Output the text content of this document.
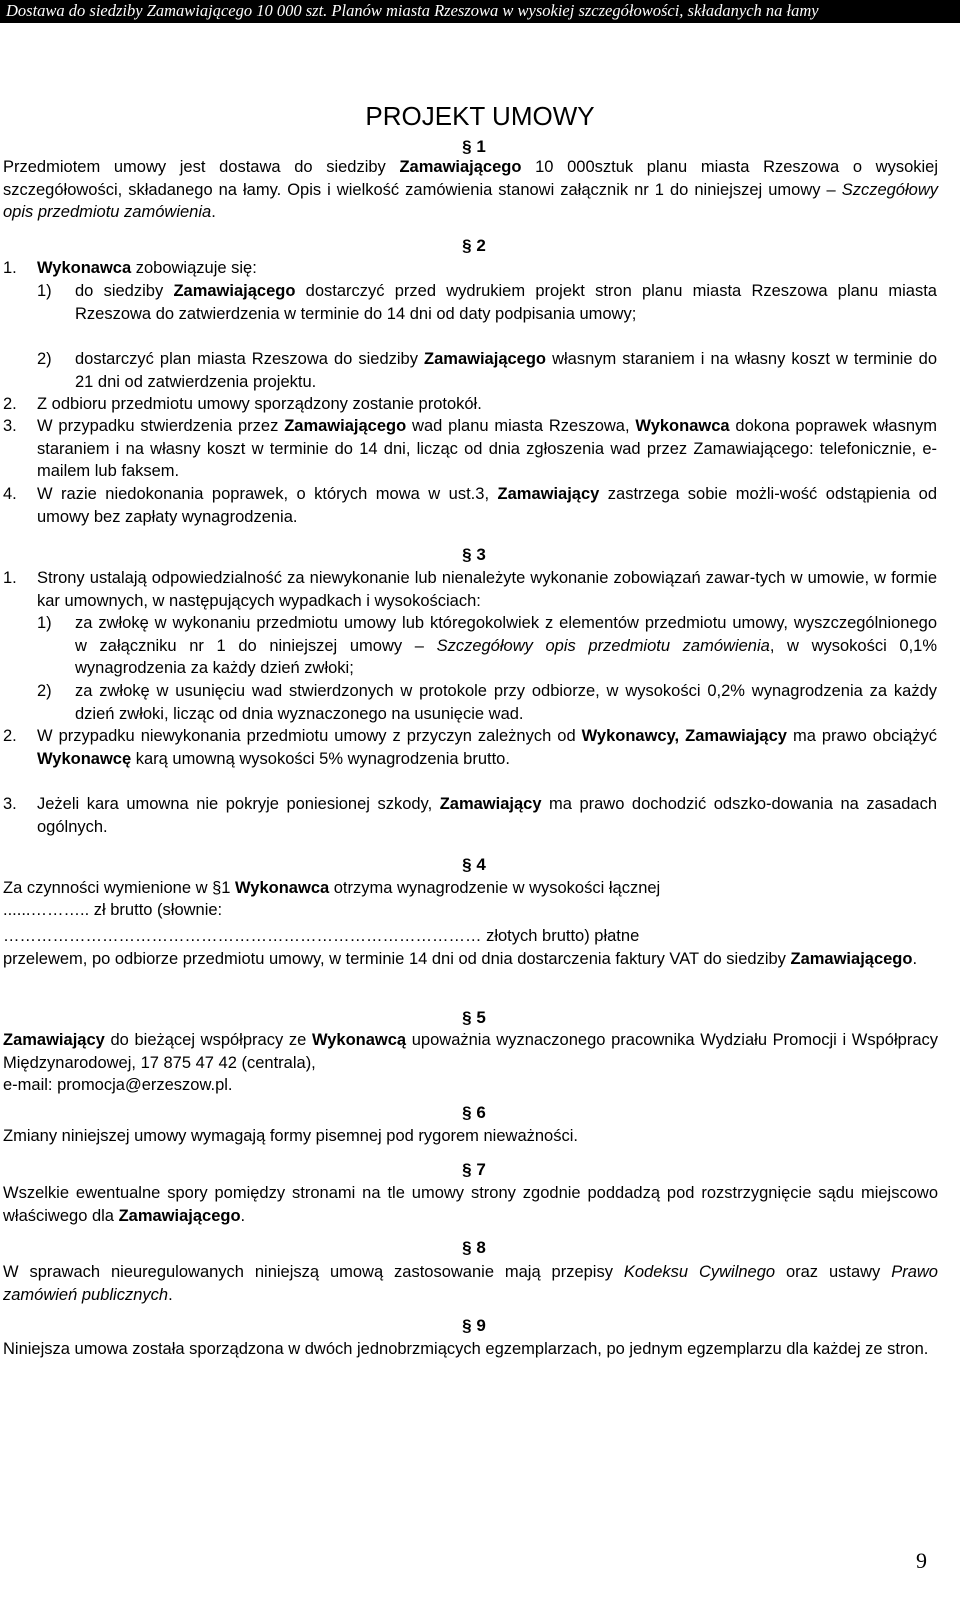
Dostawa do siedziby Zamawiającego 10 000 szt. Planów miasta Rzeszowa w wysokiej szczegółowości, składanych na łamy
ZP.271.43.2011
PROJEKT UMOWY
§ 1
Przedmiotem umowy jest dostawa do siedziby Zamawiającego 10 000sztuk planu miasta Rzeszowa o wysokiej szczegółowości, składanego na łamy. Opis i wielkość zamówienia stanowi załącznik nr 1 do niniejszej umowy – Szczegółowy opis przedmiotu zamówienia.
§ 2
1. Wykonawca zobowiązuje się:
1) do siedziby Zamawiającego dostarczyć przed wydrukiem projekt stron planu miasta Rzeszowa planu miasta Rzeszowa do zatwierdzenia w terminie do 14 dni od daty podpisania umowy;
2) dostarczyć plan miasta Rzeszowa do siedziby Zamawiającego własnym staraniem i na własny koszt w terminie do 21 dni od zatwierdzenia projektu.
2. Z odbioru przedmiotu umowy sporządzony zostanie protokół.
3. W przypadku stwierdzenia przez Zamawiającego wad planu miasta Rzeszowa, Wykonawca dokona poprawek własnym staraniem i na własny koszt w terminie do 14 dni, licząc od dnia zgłoszenia wad przez Zamawiającego: telefonicznie, e-mailem lub faksem.
4. W razie niedokonania poprawek, o których mowa w ust.3, Zamawiający zastrzega sobie możli-wość odstąpienia od umowy bez zapłaty wynagrodzenia.
§ 3
1. Strony ustalają odpowiedzialność za niewykonanie lub nienależyte wykonanie zobowiązań zawar-tych w umowie, w formie kar umownych, w następujących wypadkach i wysokościach:
1) za zwłokę w wykonaniu przedmiotu umowy lub któregokolwiek z elementów przedmiotu umowy, wyszczególnionego w załączniku nr 1 do niniejszej umowy – Szczegółowy opis przedmiotu zamówienia, w wysokości 0,1% wynagrodzenia za każdy dzień zwłoki;
2) za zwłokę w usunięciu wad stwierdzonych w protokole przy odbiorze, w wysokości 0,2% wynagrodzenia za każdy dzień zwłoki, licząc od dnia wyznaczonego na usunięcie wad.
2. W przypadku niewykonania przedmiotu umowy z przyczyn zależnych od Wykonawcy, Zamawiający ma prawo obciążyć Wykonawcę karą umowną wysokości 5% wynagrodzenia brutto.
3. Jeżeli kara umowna nie pokryje poniesionej szkody, Zamawiający ma prawo dochodzić odszko-dowania na zasadach ogólnych.
§ 4
Za czynności wymienione w §1 Wykonawca otrzyma wynagrodzenie w wysokości łącznej
......……….. zł brutto (słownie:
…………………………………………………………………………… złotych brutto) płatne
przelewem, po odbiorze przedmiotu umowy, w terminie 14 dni od dnia dostarczenia faktury VAT do siedziby Zamawiającego.
§ 5
Zamawiający do bieżącej współpracy ze Wykonawcą upoważnia wyznaczonego pracownika Wydziału Promocji i Współpracy Międzynarodowej, 17 875 47 42 (centrala),
e-mail: promocja@erzeszow.pl.
§ 6
Zmiany niniejszej umowy wymagają formy pisemnej pod rygorem nieważności.
§ 7
Wszelkie ewentualne spory pomiędzy stronami na tle umowy strony zgodnie poddadzą pod rozstrzygnięcie sądu miejscowo właściwego dla Zamawiającego.
§ 8
W sprawach nieuregulowanych niniejszą umową zastosowanie mają przepisy Kodeksu Cywilnego oraz ustawy Prawo zamówień publicznych.
§ 9
Niniejsza umowa została sporządzona w dwóch jednobrzmiących egzemplarzach, po jednym egzemplarzu dla każdej ze stron.
9
